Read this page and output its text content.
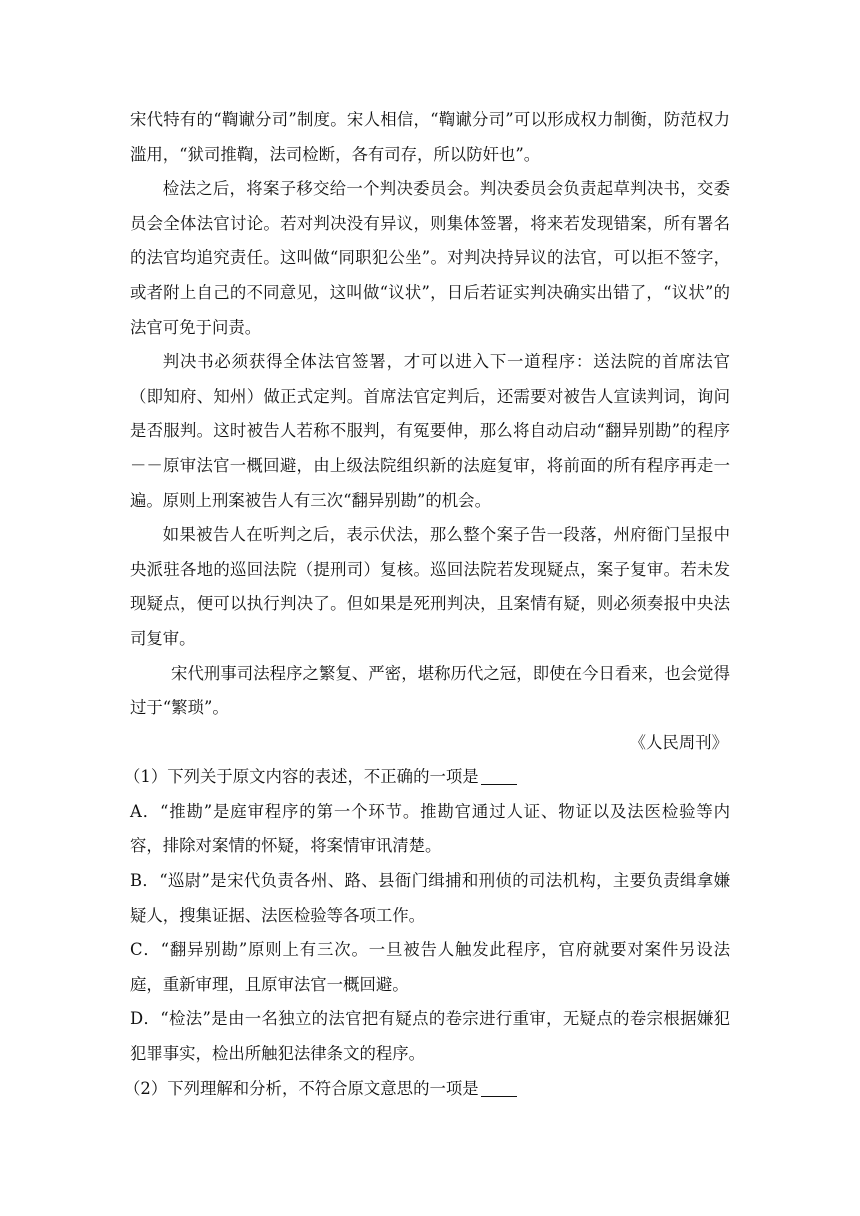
宋代特有的“鞫谳分司”制度。宋人相信，“鞫谳分司”可以形成权力制衡，防范权力滥用，“狱司推鞫，法司检断，各有司存，所以防奸也”。

检法之后，将案子移交给一个判决委员会。判决委员会负责起草判决书，交委员会全体法官讨论。若对判决没有异议，则集体签署，将来若发现错案，所有署名的法官均追究责任。这叫做“同职犯公坐”。对判决持异议的法官，可以拒不签字，或者附上自己的不同意见，这叫做“议状”，日后若证实判决确实出错了，“议状”的法官可免于问责。

判决书必须获得全体法官签署，才可以进入下一道程序：送法院的首席法官（即知府、知州）做正式定判。首席法官定判后，还需要对被告人宣读判词，询问是否服判。这时被告人若称不服判，有冤要伸，那么将自动启动“翻异别勘”的程序－－原审法官一概回避，由上级法院组织新的法庭复审，将前面的所有程序再走一遍。原则上刑案被告人有三次“翻异别勘”的机会。

如果被告人在听判之后，表示伏法，那么整个案子告一段落，州府衙门呈报中央派驻各地的巡回法院（提刑司）复核。巡回法院若发现疑点，案子复审。若未发现疑点，便可以执行判决了。但如果是死刑判决，且案情有疑，则必须奏报中央法司复审。

宋代刑事司法程序之繁复、严密，堪称历代之冠，即使在今日看来，也会觉得过于“繁琐”。

《人民周刊》

（1）下列关于原文内容的表述，不正确的一项是

A．“推勘”是庭审程序的第一个环节。推勘官通过人证、物证以及法医检验等内容，排除对案情的怀疑，将案情审讯清楚。

B．“巡尉”是宋代负责各州、路、县衙门缉捕和刑侦的司法机构，主要负责缉拿嫌疑人，搜集证据、法医检验等各项工作。

C．“翻异别勘”原则上有三次。一旦被告人触发此程序，官府就要对案件另设法庭，重新审理，且原审法官一概回避。

D．“检法”是由一名独立的法官把有疑点的卷宗进行重审，无疑点的卷宗根据嫌犯犯罪事实，检出所触犯法律条文的程序。

（2）下列理解和分析，不符合原文意思的一项是
